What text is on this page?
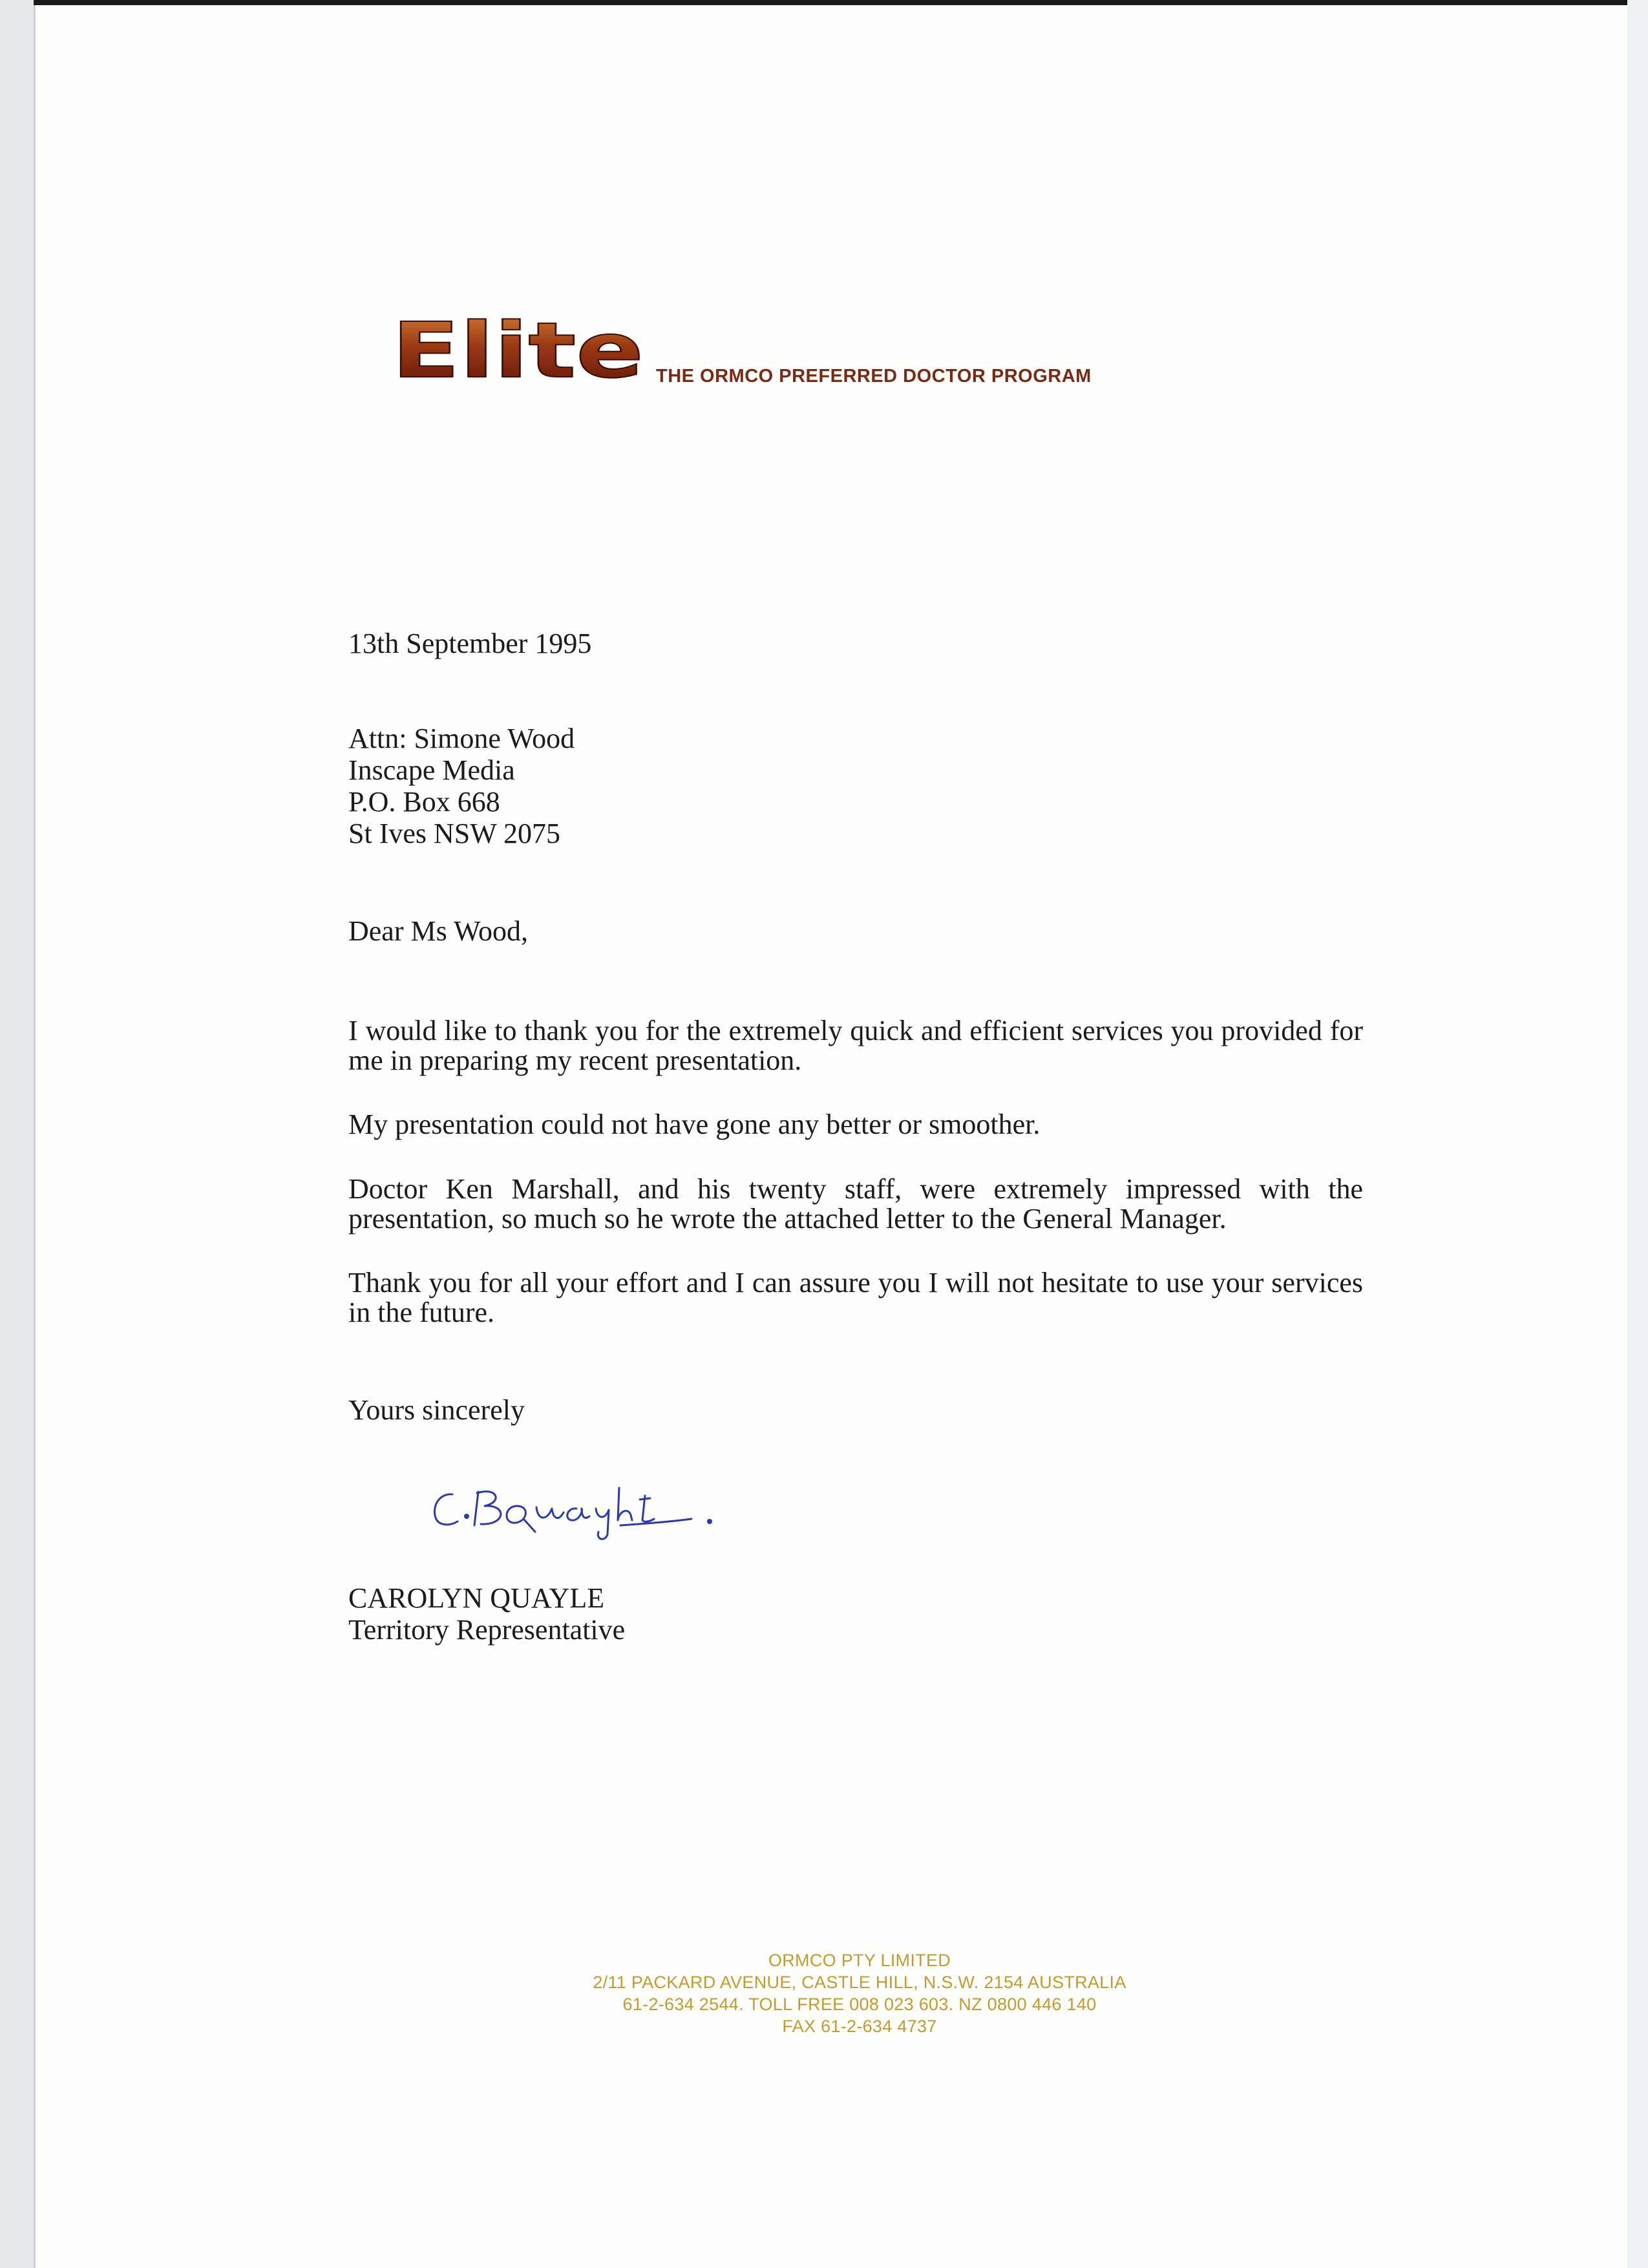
Elite THE ORMCO PREFERRED DOCTOR PROGRAM
13th September 1995
Attn: Simone Wood
Inscape Media
P.O. Box 668
St Ives NSW 2075
Dear Ms Wood,
I would like to thank you for the extremely quick and efficient services you provided for me in preparing my recent presentation.
My presentation could not have gone any better or smoother.
Doctor Ken Marshall, and his twenty staff, were extremely impressed with the presentation, so much so he wrote the attached letter to the General Manager.
Thank you for all your effort and I can assure you I will not hesitate to use your services in the future.
Yours sincerely
CAROLYN QUAYLE
Territory Representative
ORMCO PTY LIMITED
2/11 PACKARD AVENUE, CASTLE HILL, N.S.W. 2154 AUSTRALIA
61-2-634 2544. TOLL FREE 008 023 603. NZ 0800 446 140
FAX 61-2-634 4737
